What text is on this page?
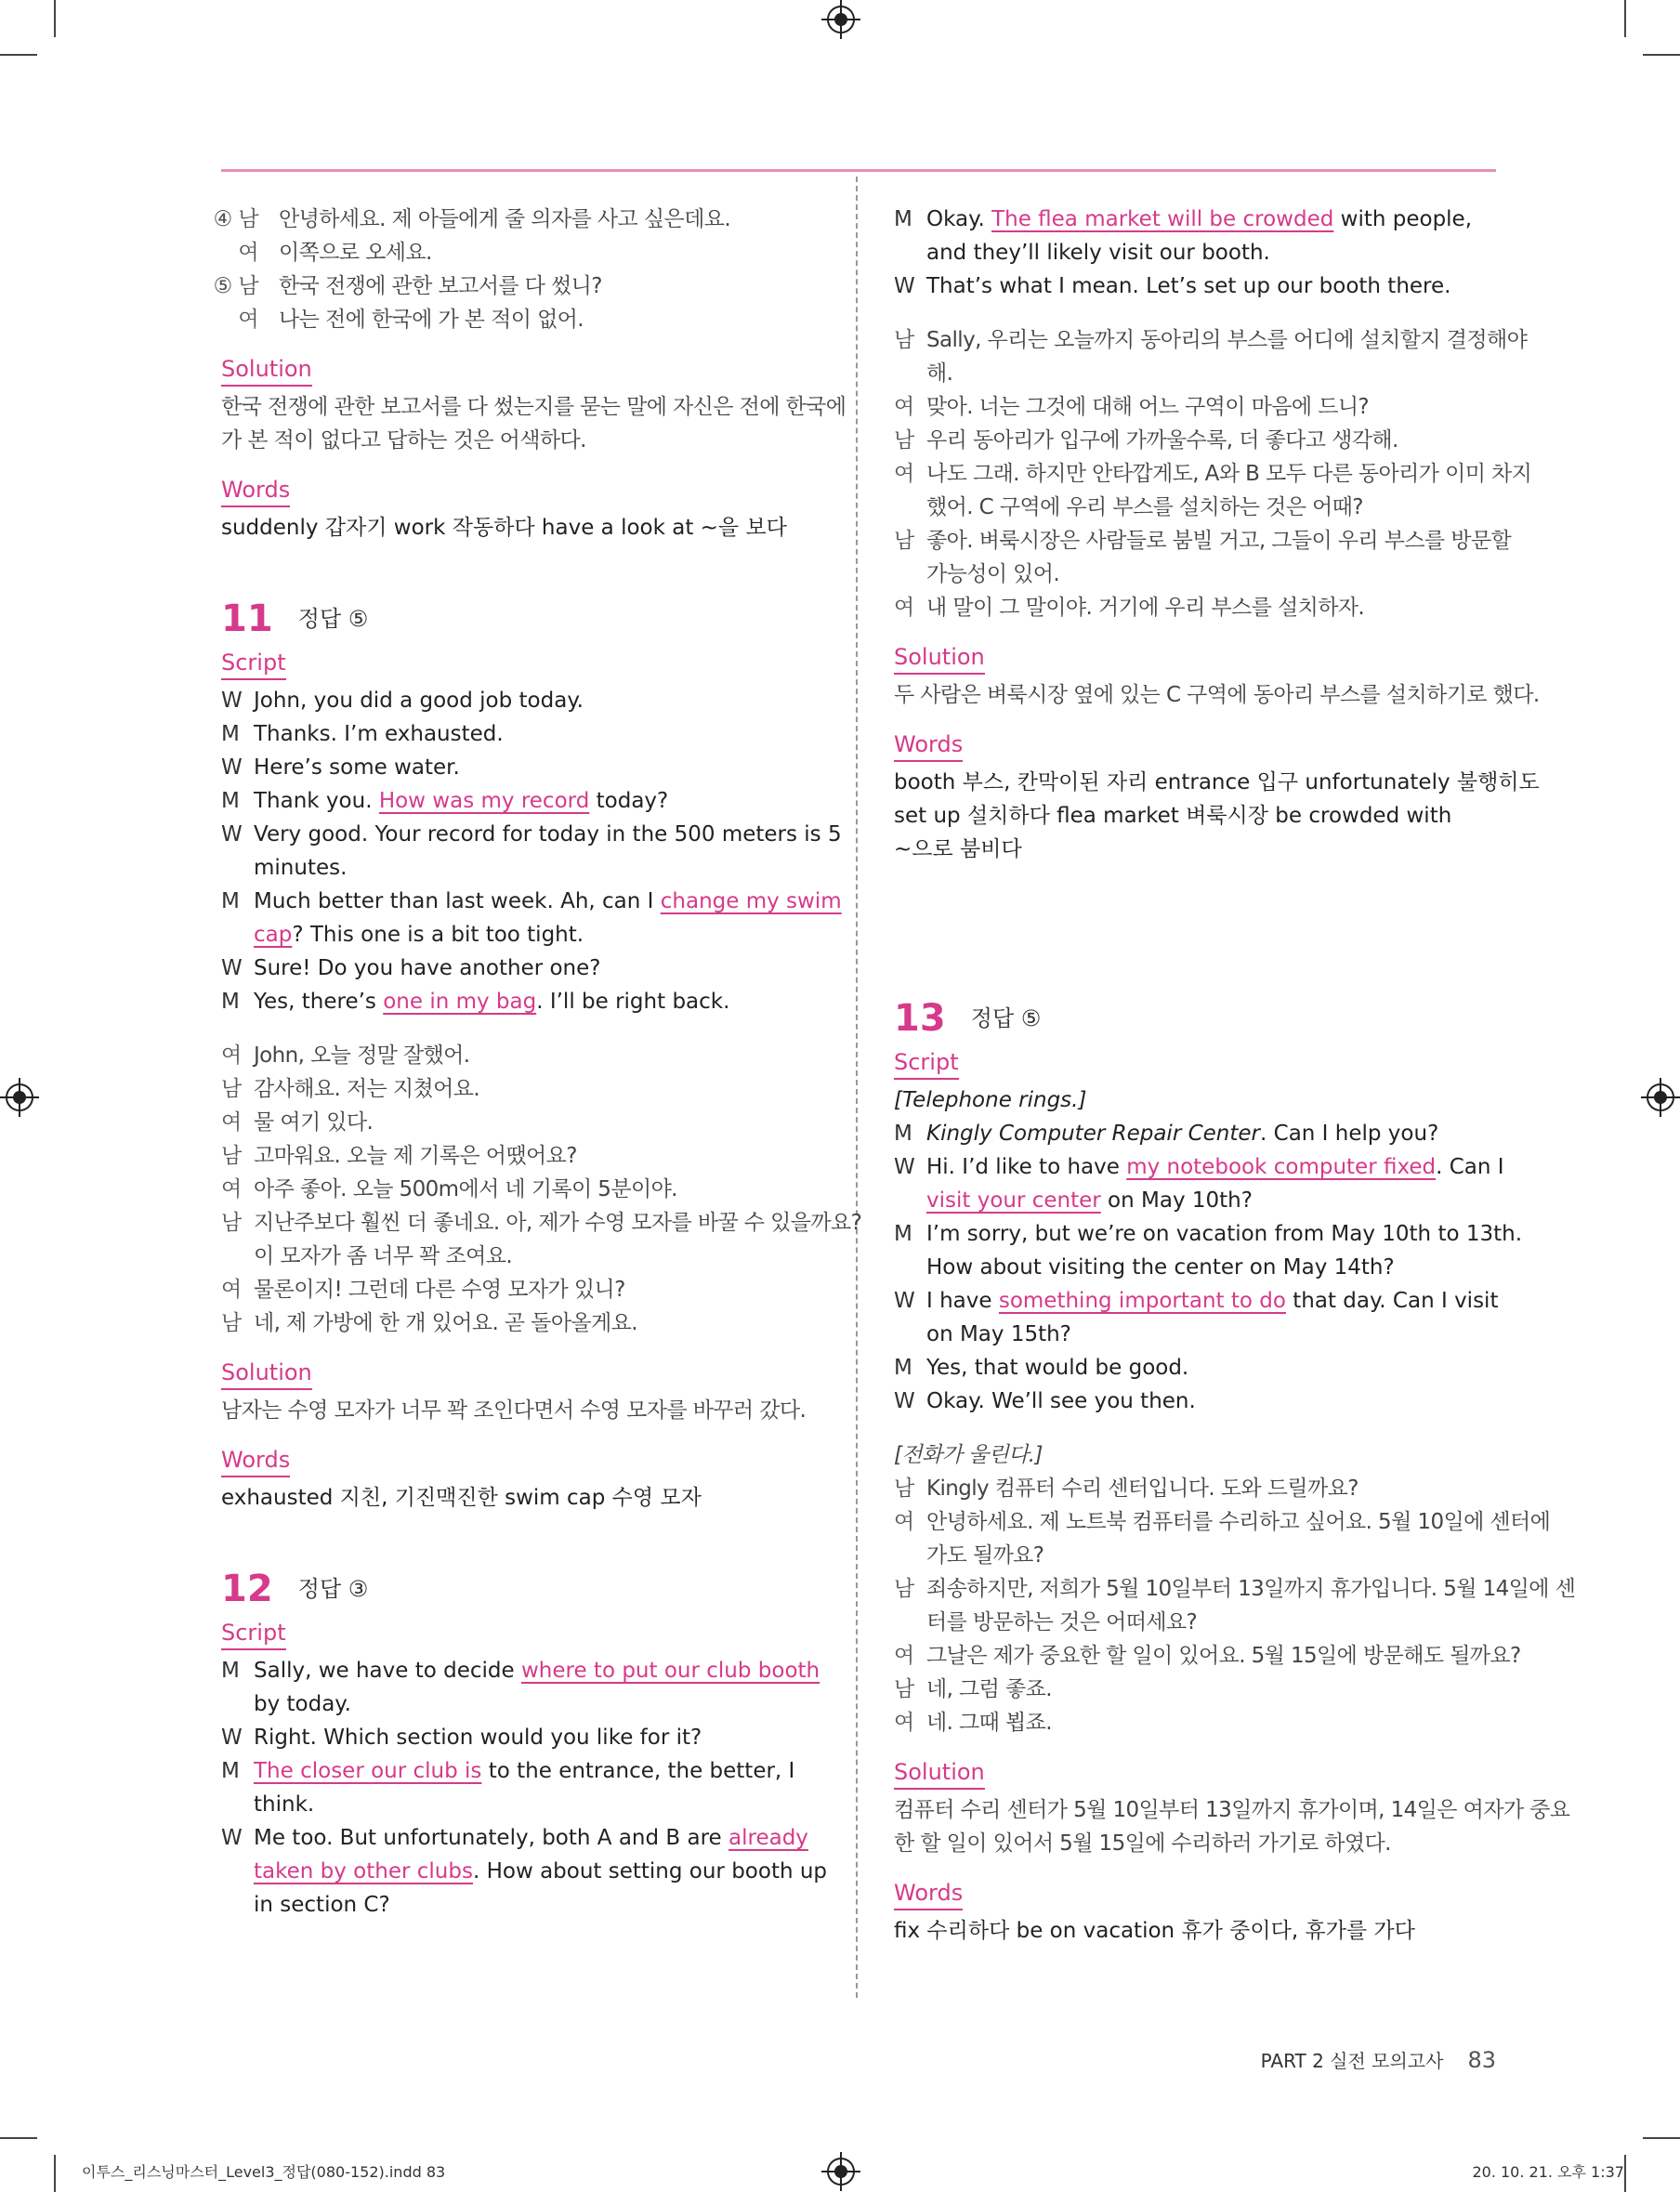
④ 남 안녕하세요. 제 아들에게 줄 의자를 사고 싶은데요.
여 이쪽으로 오세요.
⑤ 남 한국 전쟁에 관한 보고서를 다 썼니?
여 나는 전에 한국에 가 본 적이 없어.
Solution
한국 전쟁에 관한 보고서를 다 썼는지를 묻는 말에 자신은 전에 한국에
가 본 적이 없다고 답하는 것은 어색하다.
Words
suddenly 갑자기 work 작동하다 have a look at ~을 보다
11 정답 ⑤
Script
W John, you did a good job today.
M Thanks. I’m exhausted.
W Here’s some water.
M Thank you. How was my record today?
W Very good. Your record for today in the 500 meters is 5
minutes.
M Much better than last week. Ah, can I change my swim
cap? This one is a bit too tight.
W Sure! Do you have another one?
M Yes, there’s one in my bag. I’ll be right back.
여 John, 오늘 정말 잘했어.
남 감사해요. 저는 지쳤어요.
여 물 여기 있다.
남 고마워요. 오늘 제 기록은 어땠어요?
여 아주 좋아. 오늘 500m에서 네 기록이 5분이야.
남 지난주보다 훨씬 더 좋네요. 아, 제가 수영 모자를 바꿀 수 있을까요?
이 모자가 좀 너무 꽉 조여요.
여 물론이지! 그런데 다른 수영 모자가 있니?
남 네, 제 가방에 한 개 있어요. 곧 돌아올게요.
Solution
남자는 수영 모자가 너무 꽉 조인다면서 수영 모자를 바꾸러 갔다.
Words
exhausted 지친, 기진맥진한 swim cap 수영 모자
12 정답 ③
Script
M Sally, we have to decide where to put our club booth
by today.
W Right. Which section would you like for it?
M The closer our club is to the entrance, the better, I
think.
W Me too. But unfortunately, both A and B are already
taken by other clubs. How about setting our booth up
in section C?
M Okay. The flea market will be crowded with people,
and they’ll likely visit our booth.
W That’s what I mean. Let’s set up our booth there.
남 Sally, 우리는 오늘까지 동아리의 부스를 어디에 설치할지 결정해야
해.
여 맞아. 너는 그것에 대해 어느 구역이 마음에 드니?
남 우리 동아리가 입구에 가까울수록, 더 좋다고 생각해.
여 나도 그래. 하지만 안타깝게도, A와 B 모두 다른 동아리가 이미 차지
했어. C 구역에 우리 부스를 설치하는 것은 어때?
남 좋아. 벼룩시장은 사람들로 붐빌 거고, 그들이 우리 부스를 방문할
가능성이 있어.
여 내 말이 그 말이야. 거기에 우리 부스를 설치하자.
Solution
두 사람은 벼룩시장 옆에 있는 C 구역에 동아리 부스를 설치하기로 했다.
Words
booth 부스, 칸막이된 자리 entrance 입구 unfortunately 불행히도
set up 설치하다 flea market 벼룩시장 be crowded with
~으로 붐비다
13 정답 ⑤
Script
[Telephone rings.]
M Kingly Computer Repair Center. Can I help you?
W Hi. I’d like to have my notebook computer fixed. Can I
visit your center on May 10th?
M I’m sorry, but we’re on vacation from May 10th to 13th.
How about visiting the center on May 14th?
W I have something important to do that day. Can I visit
on May 15th?
M Yes, that would be good.
W Okay. We’ll see you then.
[전화가 울린다.]
남 Kingly 컴퓨터 수리 센터입니다. 도와 드릴까요?
여 안녕하세요. 제 노트북 컴퓨터를 수리하고 싶어요. 5월 10일에 센터에
가도 될까요?
남 죄송하지만, 저희가 5월 10일부터 13일까지 휴가입니다. 5월 14일에 센
터를 방문하는 것은 어떠세요?
여 그날은 제가 중요한 할 일이 있어요. 5월 15일에 방문해도 될까요?
남 네, 그럼 좋죠.
여 네. 그때 뵙죠.
Solution
컴퓨터 수리 센터가 5월 10일부터 13일까지 휴가이며, 14일은 여자가 중요
한 할 일이 있어서 5월 15일에 수리하러 가기로 하였다.
Words
fix 수리하다 be on vacation 휴가 중이다, 휴가를 가다
PART 2 실전 모의고사 83
이투스_리스닝마스터_Level3_정답(080-152).indd 83	20. 10. 21. 오후 1:37
